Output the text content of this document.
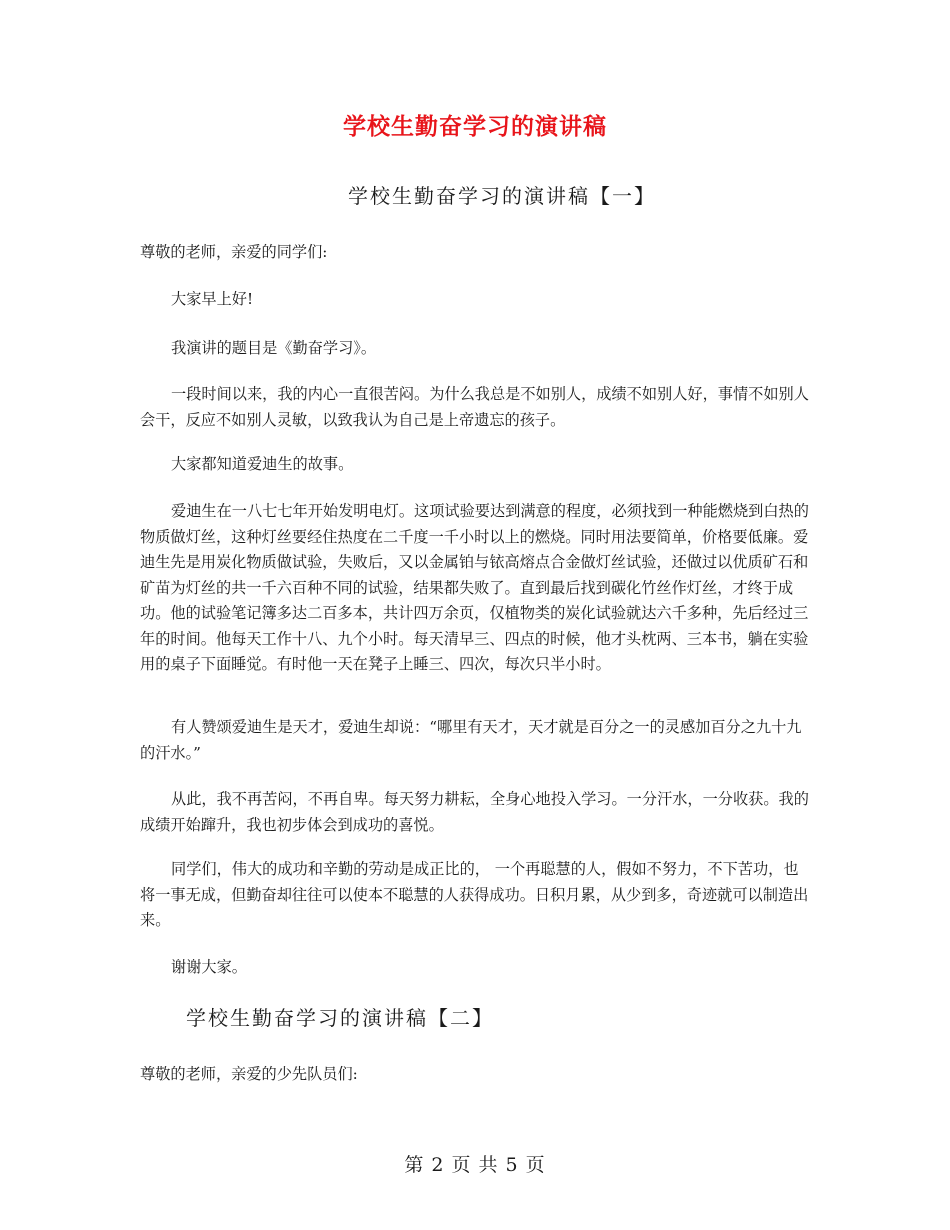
学校生勤奋学习的演讲稿
学校生勤奋学习的演讲稿【一】

尊敬的老师，亲爱的同学们:

大家早上好!

我演讲的题目是《勤奋学习》。

一段时间以来，我的内心一直很苦闷。为什么我总是不如别人，成绩不如别人好，事情不如别人会干，反应不如别人灵敏，以致我认为自己是上帝遗忘的孩子。

大家都知道爱迪生的故事。

爱迪生在一八七七年开始发明电灯。这项试验要达到满意的程度，必须找到一种能燃烧到白热的物质做灯丝，这种灯丝要经住热度在二千度一千小时以上的燃烧。同时用法要简单，价格要低廉。爱迪生先是用炭化物质做试验，失败后，又以金属铂与铱高熔点合金做灯丝试验，还做过以优质矿石和矿苗为灯丝的共一千六百种不同的试验，结果都失败了。直到最后找到碳化竹丝作灯丝，才终于成功。他的试验笔记簿多达二百多本，共计四万余页，仅植物类的炭化试验就达六千多种，先后经过三年的时间。他每天工作十八、九个小时。每天清早三、四点的时候，他才头枕两、三本书，躺在实验用的桌子下面睡觉。有时他一天在凳子上睡三、四次，每次只半小时。

有人赞颂爱迪生是天才，爱迪生却说：“哪里有天才，天才就是百分之一的灵感加百分之九十九的汗水。”

从此，我不再苦闷，不再自卑。每天努力耕耘，全身心地投入学习。一分汗水，一分收获。我的成绩开始蹿升，我也初步体会到成功的喜悦。

同学们，伟大的成功和辛勤的劳动是成正比的， 一个再聪慧的人，假如不努力，不下苦功，也将一事无成，但勤奋却往往可以使本不聪慧的人获得成功。日积月累，从少到多，奇迹就可以制造出来。

谢谢大家。

学校生勤奋学习的演讲稿【二】

尊敬的老师，亲爱的少先队员们:

第 2 页 共 5 页
